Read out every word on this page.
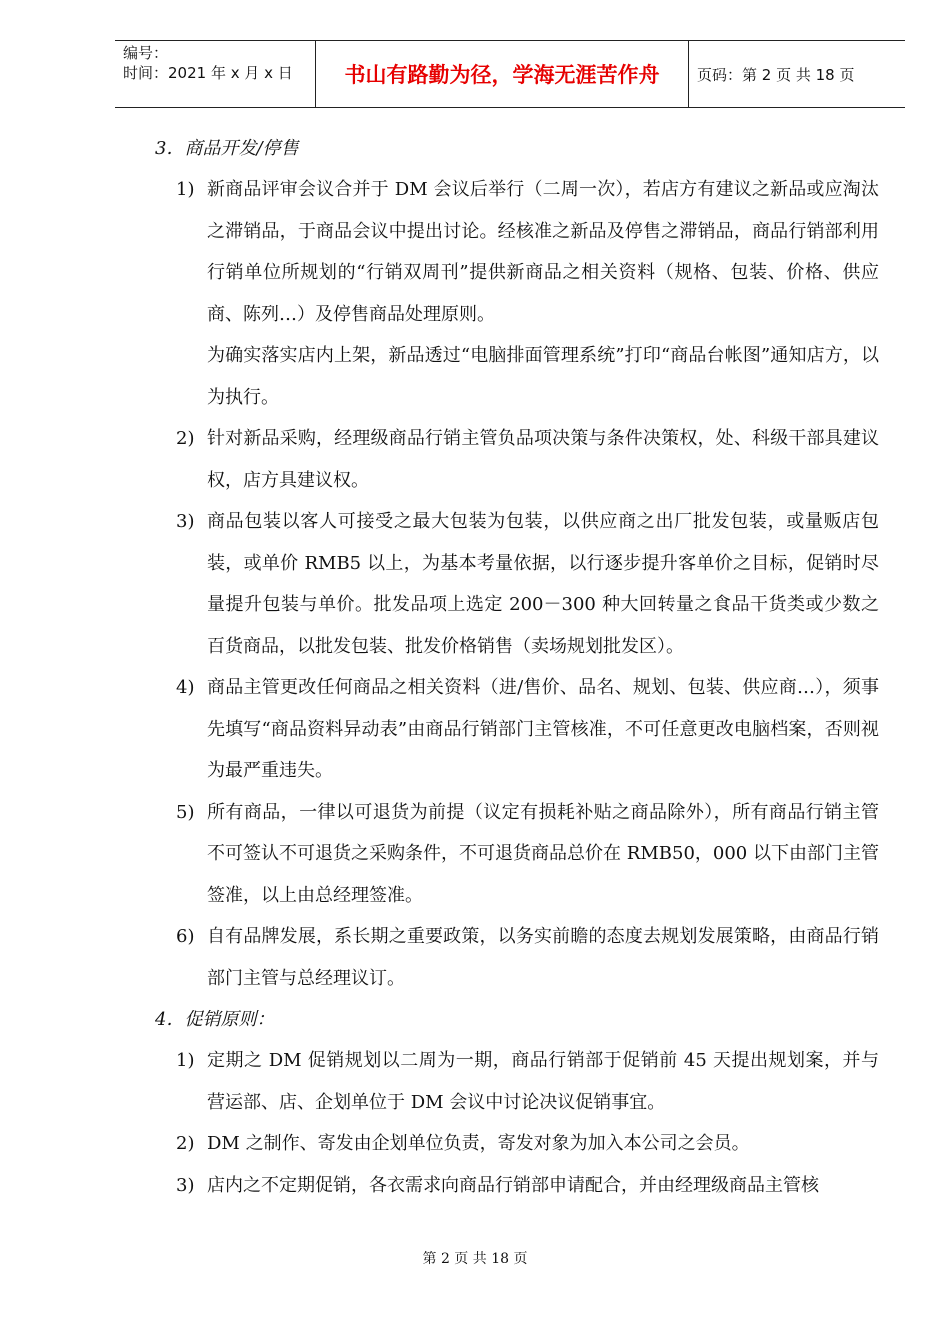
编号：
时间：2021 年 x 月 x 日	书山有路勤为径，学海无涯苦作舟	页码：第 2 页 共 18 页
3．商品开发/停售
1) 新商品评审会议合并于 DM 会议后举行（二周一次），若店方有建议之新品或应淘汰之滞销品，于商品会议中提出讨论。经核准之新品及停售之滞销品，商品行销部利用行销单位所规划的“行销双周刊”提供新商品之相关资料（规格、包装、价格、供应商、陈列…）及停售商品处理原则。
为确实落实店内上架，新品透过“电脑排面管理系统”打印“商品台帐图”通知店方，以为执行。
2) 针对新品采购，经理级商品行销主管负品项决策与条件决策权，处、科级干部具建议权，店方具建议权。
3) 商品包装以客人可接受之最大包装为包装，以供应商之出厂批发包装，或量贩店包装，或单价 RMB5 以上，为基本考量依据，以行逐步提升客单价之目标，促销时尽量提升包装与单价。批发品项上选定 200－300 种大回转量之食品干货类或少数之百货商品，以批发包装、批发价格销售（卖场规划批发区）。
4) 商品主管更改任何商品之相关资料（进/售价、品名、规划、包装、供应商…），须事先填写“商品资料异动表”由商品行销部门主管核准，不可任意更改电脑档案，否则视为最严重违失。
5) 所有商品，一律以可退货为前提（议定有损耗补贴之商品除外），所有商品行销主管不可签认不可退货之采购条件，不可退货商品总价在 RMB50，000 以下由部门主管签准，以上由总经理签准。
6) 自有品牌发展，系长期之重要政策，以务实前瞻的态度去规划发展策略，由商品行销部门主管与总经理议订。
4．促销原则：
1) 定期之 DM 促销规划以二周为一期，商品行销部于促销前 45 天提出规划案，并与营运部、店、企划单位于 DM 会议中讨论决议促销事宜。
2) DM 之制作、寄发由企划单位负责，寄发对象为加入本公司之会员。
3) 店内之不定期促销，各衣需求向商品行销部申请配合，并由经理级商品主管核
第 2 页 共 18 页
